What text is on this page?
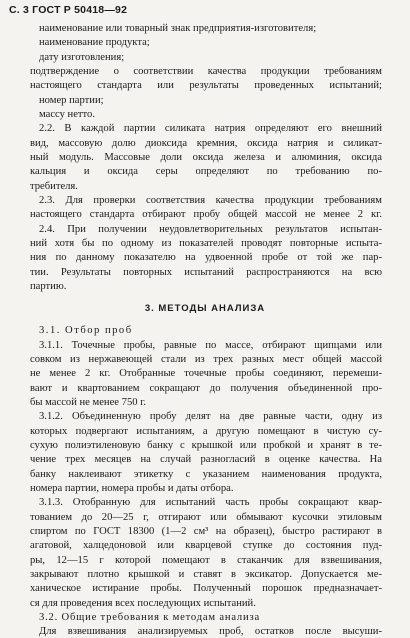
С. 3 ГОСТ Р 50418—92
наименование или товарный знак предприятия-изготовителя;
наименование продукта;
дату изготовления;
подтверждение о соответствии качества продукции требованиям
настоящего стандарта или результаты проведенных испытаний;
номер партии;
массу нетто.
2.2. В каждой партии силиката натрия определяют его внешний
вид, массовую долю диоксида кремния, оксида натрия и силикат-
ный модуль. Массовые доли оксида железа и алюминия, оксида
кальция и оксида серы определяют по требованию по-
требителя.
2.3. Для проверки соответствия качества продукции требованиям
настоящего стандарта отбирают пробу общей массой не менее 2 кг.
2.4. При получении неудовлетворительных результатов испытан-
ний хотя бы по одному из показателей проводят повторные испыта-
ния по данному показателю на удвоенной пробе от той же пар-
тии. Результаты повторных испытаний распространяются на всю
партию.
3. МЕТОДЫ АНАЛИЗА
3.1. Отбор проб
3.1.1. Точечные пробы, равные по массе, отбирают щипцами или
совком из нержавеющей стали из трех разных мест общей массой
не менее 2 кг. Отобранные точечные пробы соединяют, перемеши-
вают и квартованием сокращают до получения объединенной про-
бы массой не менее 750 г.
3.1.2. Объединенную пробу делят на две равные части, одну из
которых подвергают испытаниям, а другую помещают в чистую су-
сухую полиэтиленовую банку с крышкой или пробкой и хранят в те-
чение трех месяцев на случай разногласий в оценке качества. На
банку наклеивают этикетку с указанием наименования продукта,
номера партии, номера пробы и даты отбора.
3.1.3. Отобранную для испытаний часть пробы сокращают квар-
тованием до 20—25 г, отгирают или обмывают кусочки этиловым
спиртом по ГОСТ 18300 (1—2 см³ на образец), быстро растирают в
агатовой, халцедоновой или кварцевой ступке до состояния пуд-
ры, 12—15 г которой помещают в стаканчик для взвешивания,
закрывают плотно крышкой и ставят в эксикатор. Допускается ме-
ханическое истирание пробы. Полученный порошок предназначает-
ся для проведения всех последующих испытаний.
3.2. Общие требования к методам анализа
Для взвешивания анализируемых проб, остатков после высуши-
